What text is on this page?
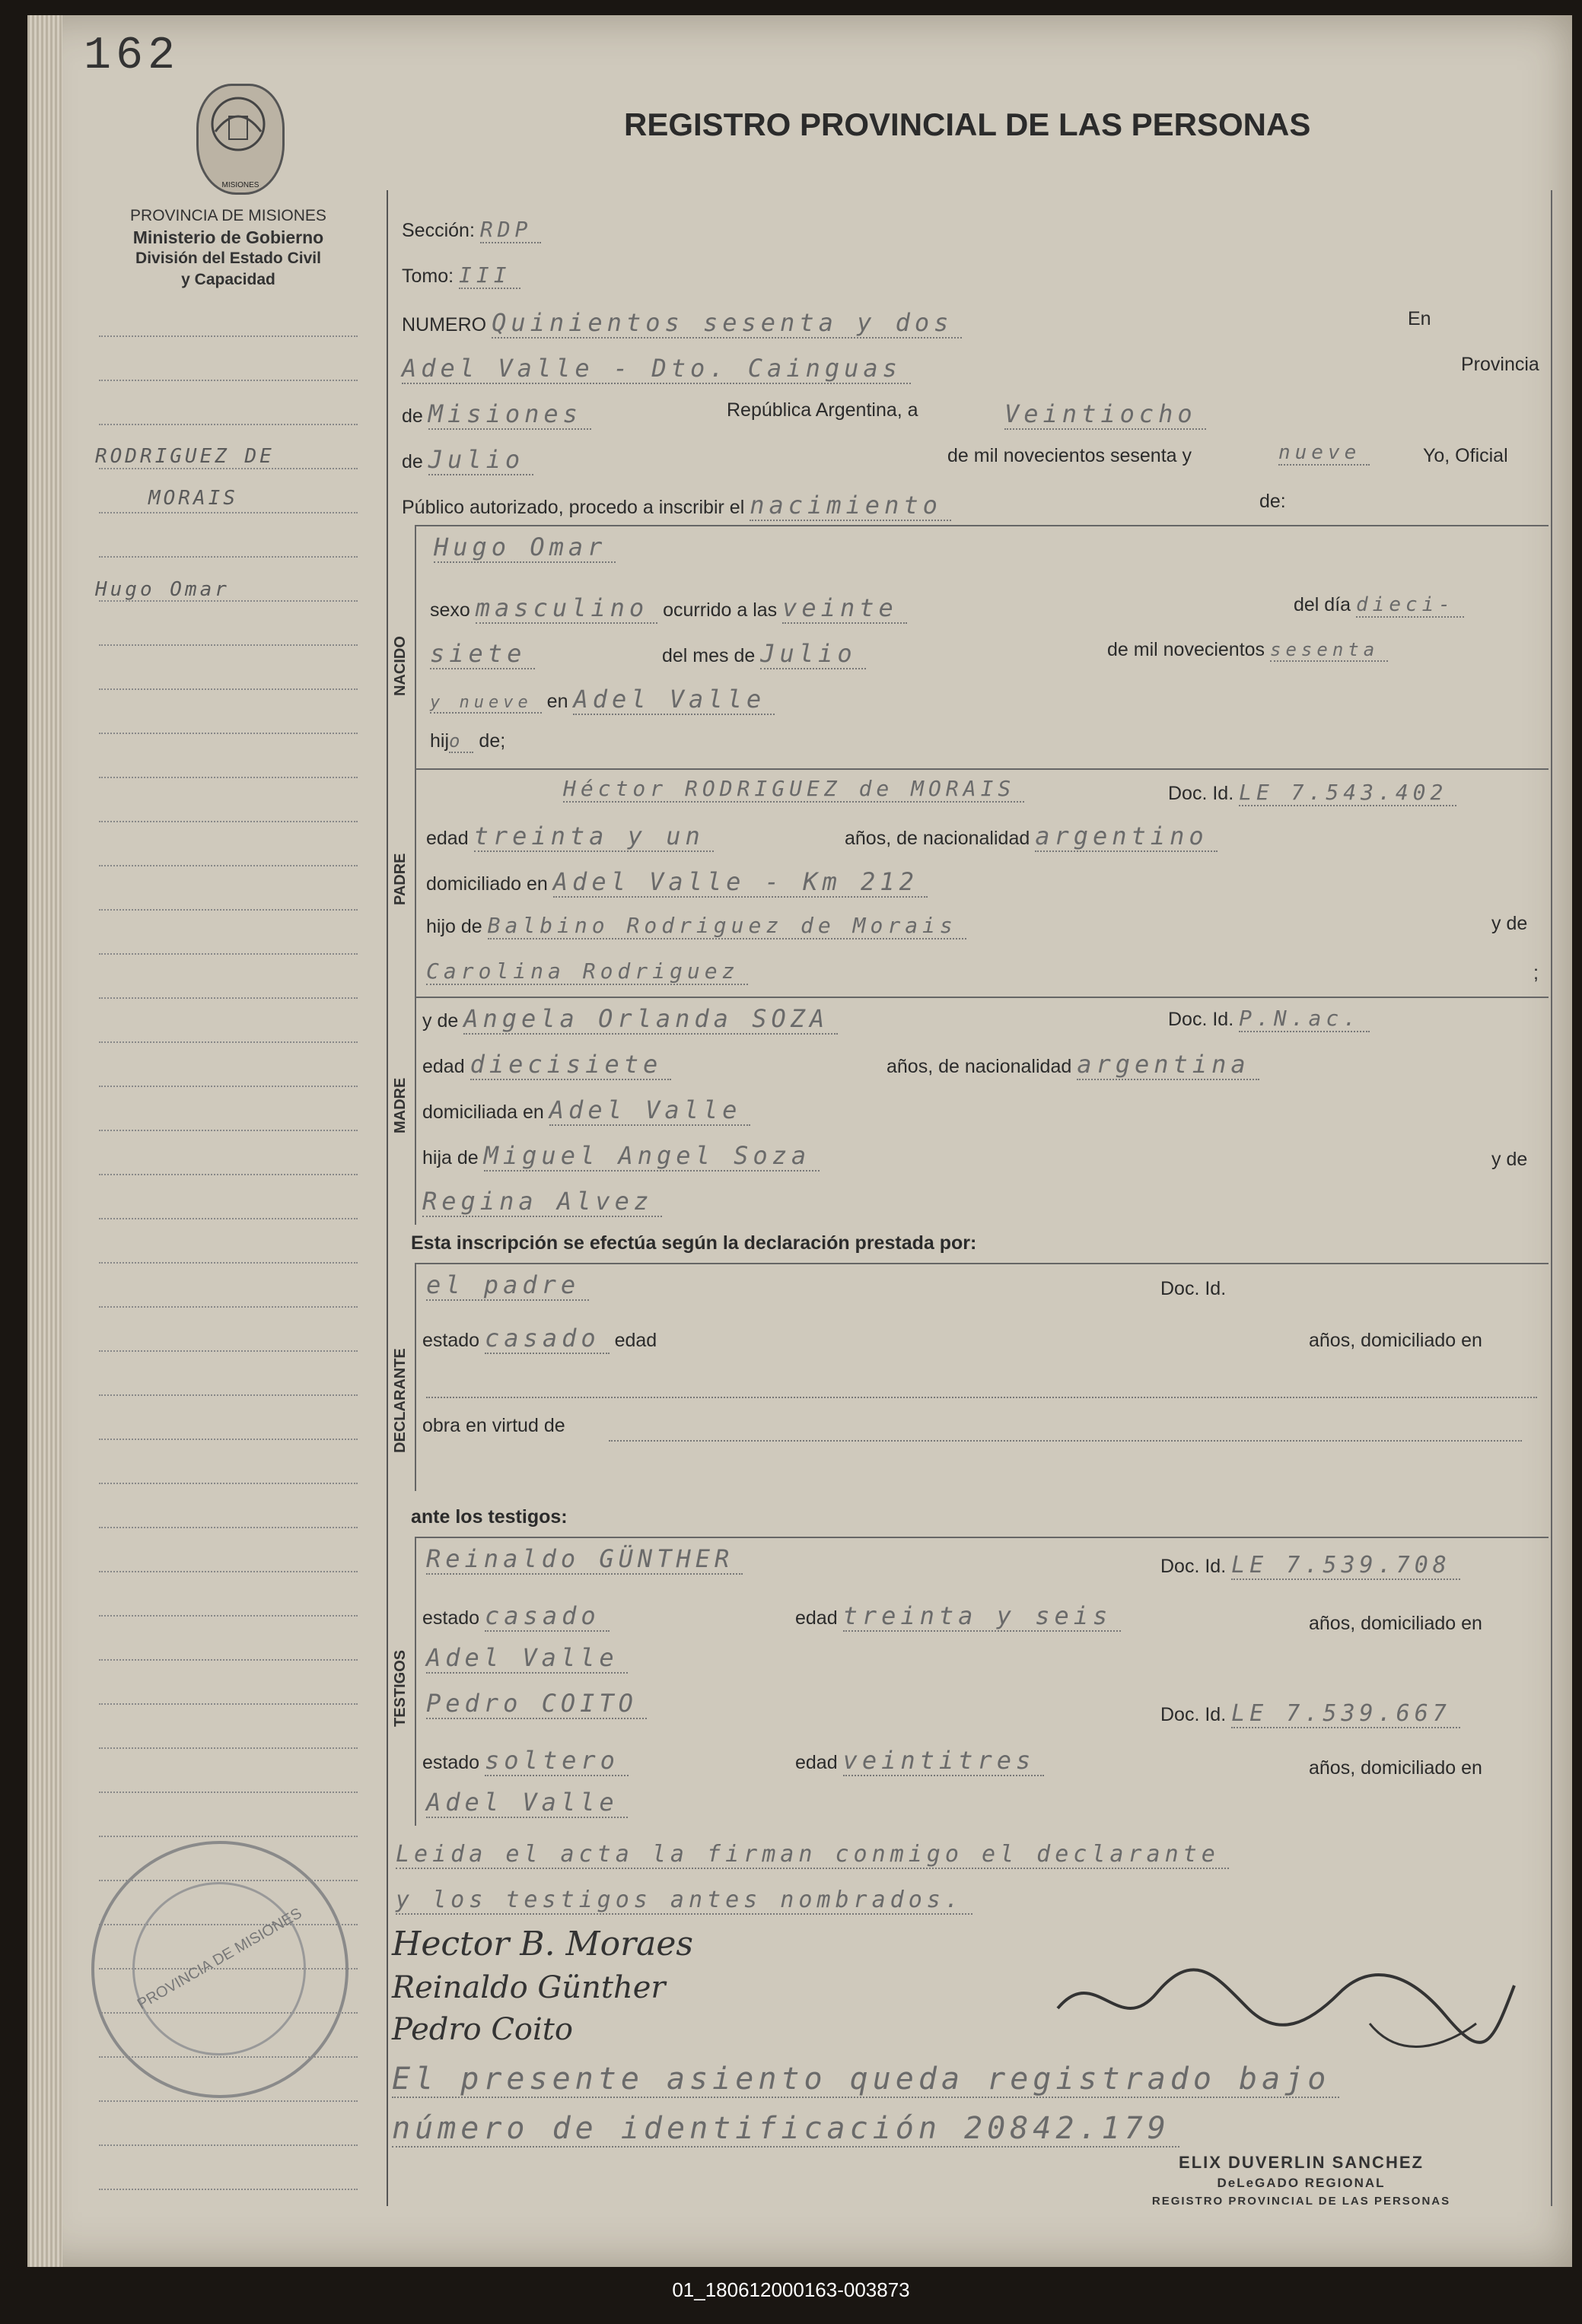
162
MISIONES
REGISTRO PROVINCIAL DE LAS PERSONAS
PROVINCIA DE MISIONES
Ministerio de Gobierno
División del Estado Civil
y Capacidad
RODRIGUEZ DE
MORAIS
Hugo Omar
Sección: RDP
Tomo: III
NUMERO Quinientos sesenta y dos	En
Adel Valle - Dto. Cainguas	Provincia
de Misiones	República Argentina, a	Veintiocho
de Julio	de mil novecientos sesenta y	nueve	Yo, Oficial
Público autorizado, procedo a inscribir el nacimiento	de:
NACIDO
Hugo Omar
sexo masculino ocurrido a las veinte	del día dieci-
siete	del mes de Julio	de mil novecientos sesenta
y nueve en Adel Valle
hijo de;
PADRE
Héctor RODRIGUEZ de MORAIS	Doc. Id. LE 7.543.402
edad treinta y un	años, de nacionalidad argentino
domiciliado en Adel Valle - Km 212
hijo de Balbino Rodriguez de Morais	y de
Carolina Rodriguez	;
MADRE
y de Angela Orlanda SOZA	Doc. Id. P.N.ac.
edad diecisiete	años, de nacionalidad argentina
domiciliada en Adel Valle
hija de Miguel Angel Soza	y de
Regina Alvez
Esta inscripción se efectúa según la declaración prestada por:
DECLARANTE
el padre	Doc. Id.
estado casado edad	años, domiciliado en
obra en virtud de
ante los testigos:
TESTIGOS
Reinaldo GÜNTHER	Doc. Id. LE 7.539.708
estado casado	edad treinta y seis	años, domiciliado en
Adel Valle
Pedro COITO	Doc. Id. LE 7.539.667
estado soltero	edad veintitres	años, domiciliado en
Adel Valle
Leida el acta la firman conmigo el declarante
y los testigos antes nombrados.
Hector B. Moraes
Reinaldo Günther
Pedro Coito
El presente asiento queda registrado bajo
número de identificación 20842.179
ELIX DUVERLIN SANCHEZ
DeLeGADO REGIONAL
REGISTRO PROVINCIAL DE LAS PERSONAS
PROVINCIA DE MISIONES
01_180612000163-003873
